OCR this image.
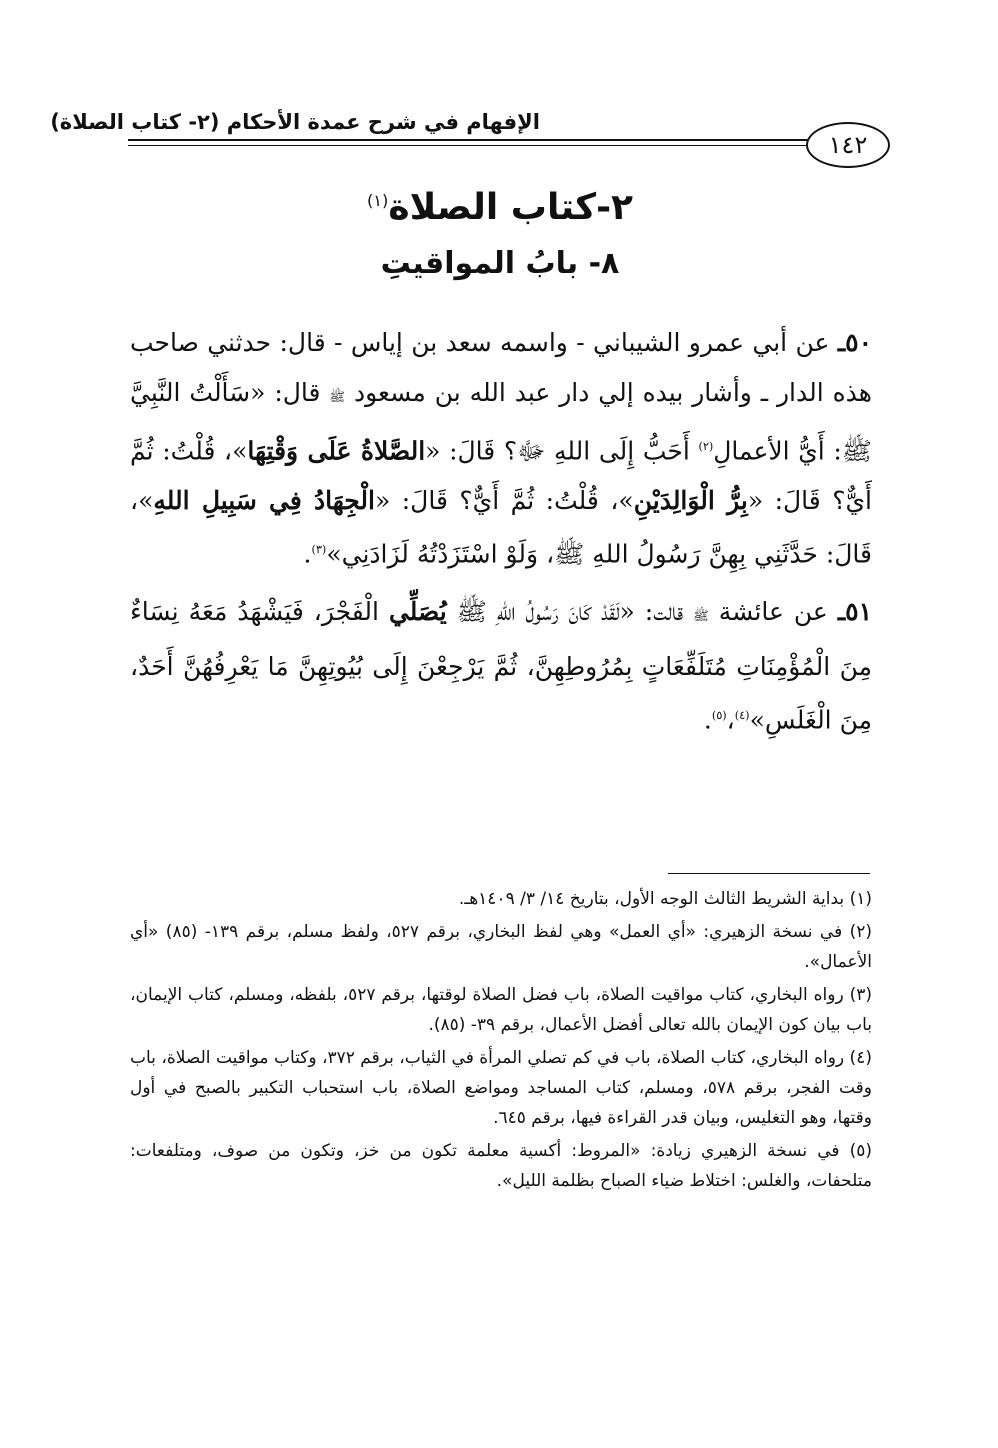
الإفهام في شرح عمدة الأحكام (٢- كتاب الصلاة)
١٤٢
٢-كتاب الصلاة$^{(١)}$
٨- بابُ المواقيتِ

٥٠ـ عن أبي عمرو الشيباني - واسمه سعد بن إياس - قال: حدثني صاحب هذه الدار ـ وأشار بيده إلي دار عبد الله بن مسعود ﷺ قال: «سَأَلْتُ النَّبِيَّ ﷺ: أَيُّ الأعمالِ$^{(٢)}$ أَحَبُّ إِلَى اللهِ ﷻ؟ قَالَ: «الصَّلاةُ عَلَى وَقْتِهَا»، قُلْتُ: ثُمَّ أَيٌّ؟ قَالَ: «بِرُّ الْوَالِدَيْنِ»، قُلْتُ: ثُمَّ أَيٌّ؟ قَالَ: «الْجِهَادُ فِي سَبِيلِ اللهِ»، قَالَ: حَدَّثَنِي بِهِنَّ رَسُولُ اللهِ ﷺ، وَلَوْ اسْتَزَدْتُهُ لَزَادَنِي»$^{(٣)}$.

٥١ـ عن عائشة ﷺ قالت: «لَقَدْ كَانَ رَسُولُ اللهِ ﷺ يُصَلِّي الْفَجْرَ، فَيَشْهَدُ مَعَهُ نِسَاءٌ مِنَ الْمُؤْمِنَاتِ مُتَلَفِّعَاتٍ بِمُرُوطِهِنَّ، ثُمَّ يَرْجِعْنَ إِلَى بُيُوتِهِنَّ مَا يَعْرِفُهُنَّ أَحَدٌ، مِنَ الْغَلَسِ»$^{(٤)}$،$^{(٥)}$.

(١) بداية الشريط الثالث الوجه الأول، بتاريخ ١٤/ ٣/ ١٤٠٩هـ.

(٢) في نسخة الزهيري: «أي العمل» وهي لفظ البخاري، برقم ٥٢٧، ولفظ مسلم، برقم ١٣٩- (٨٥) «أي الأعمال».

(٣) رواه البخاري، كتاب مواقيت الصلاة، باب فضل الصلاة لوقتها، برقم ٥٢٧، بلفظه، ومسلم، كتاب الإيمان، باب بيان كون الإيمان بالله تعالى أفضل الأعمال، برقم ٣٩- (٨٥).

(٤) رواه البخاري، كتاب الصلاة، باب في كم تصلي المرأة في الثياب، برقم ٣٧٢، وكتاب مواقيت الصلاة، باب وقت الفجر، برقم ٥٧٨، ومسلم، كتاب المساجد ومواضع الصلاة، باب استحباب التكبير بالصبح في أول وقتها، وهو التغليس، وبيان قدر القراءة فيها، برقم ٦٤٥.

(٥) في نسخة الزهيري زيادة: «المروط: أكسية معلمة تكون من خز، وتكون من صوف، ومتلفعات: متلحفات، والغلس: اختلاط ضياء الصباح بظلمة الليل».
